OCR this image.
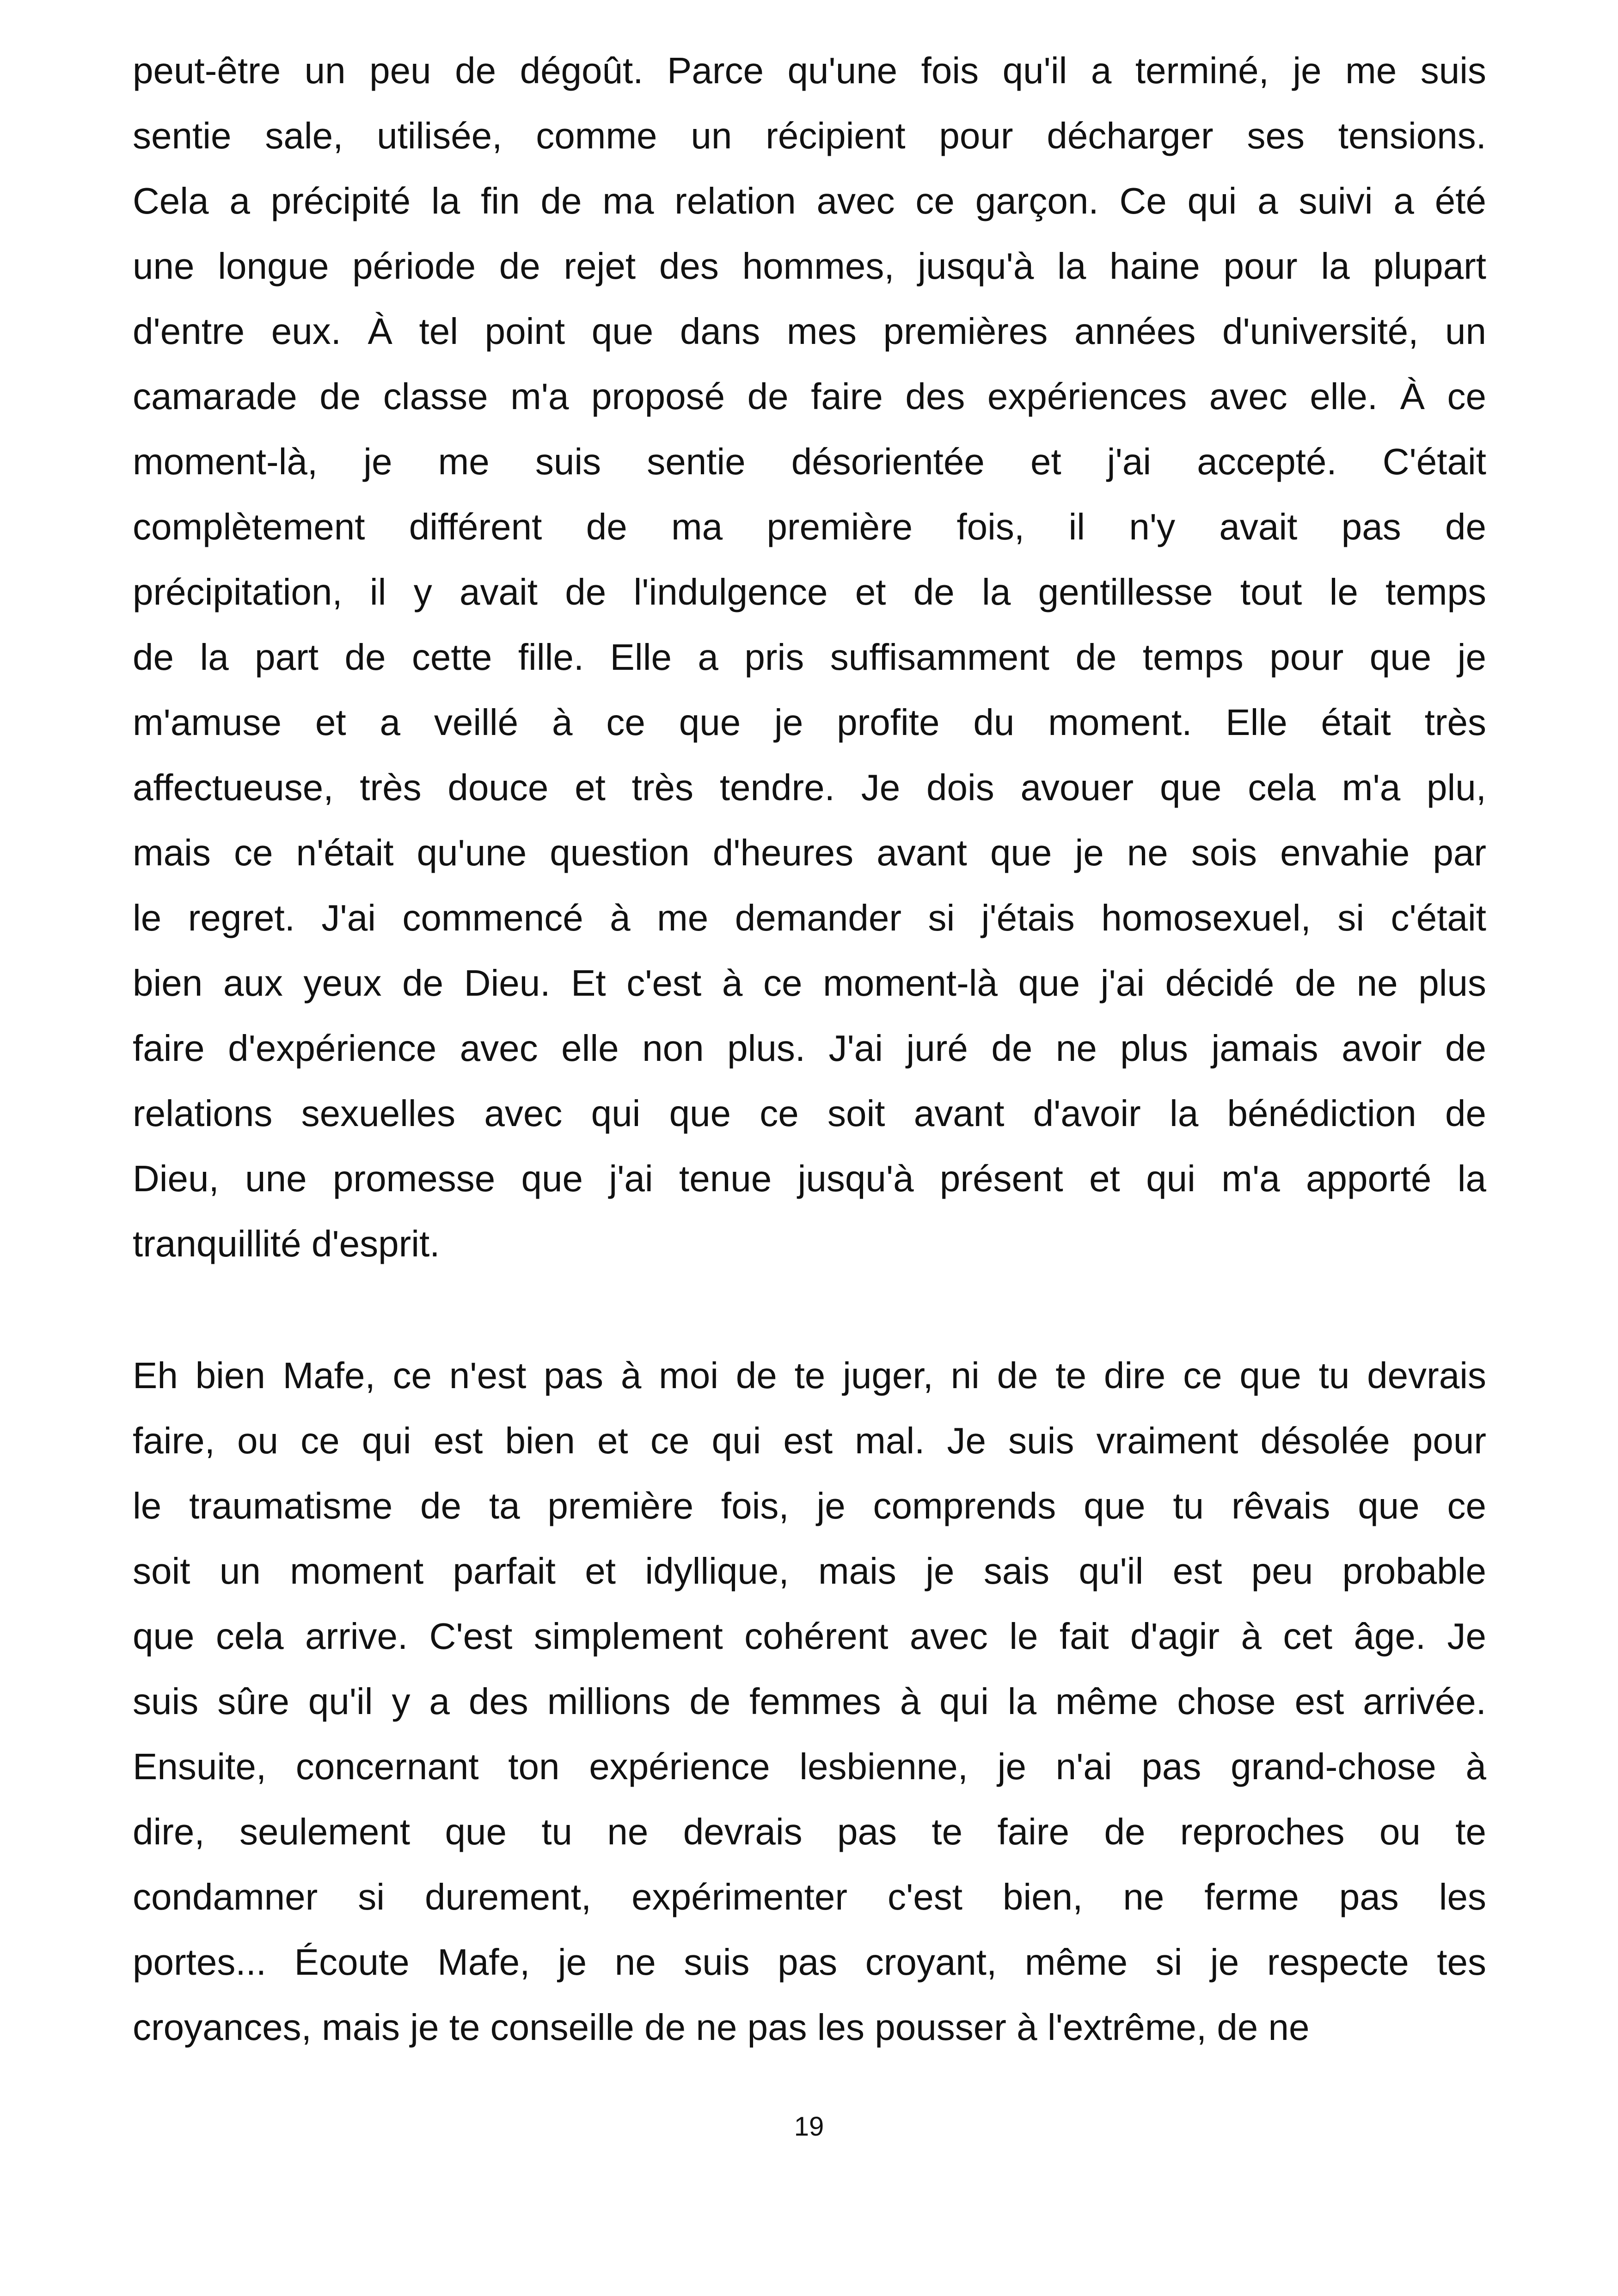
peut-être un peu de dégoût. Parce qu'une fois qu'il a terminé, je me suis
sentie sale, utilisée, comme un récipient pour décharger ses tensions.
Cela a précipité la fin de ma relation avec ce garçon. Ce qui a suivi a été
une longue période de rejet des hommes, jusqu'à la haine pour la plupart
d'entre eux. À tel point que dans mes premières années d'université, un
camarade de classe m'a proposé de faire des expériences avec elle. À ce
moment-là, je me suis sentie désorientée et j'ai accepté. C'était
complètement différent de ma première fois, il n'y avait pas de
précipitation, il y avait de l'indulgence et de la gentillesse tout le temps
de la part de cette fille. Elle a pris suffisamment de temps pour que je
m'amuse et a veillé à ce que je profite du moment. Elle était très
affectueuse, très douce et très tendre. Je dois avouer que cela m'a plu,
mais ce n'était qu'une question d'heures avant que je ne sois envahie par
le regret. J'ai commencé à me demander si j'étais homosexuel, si c'était
bien aux yeux de Dieu. Et c'est à ce moment-là que j'ai décidé de ne plus
faire d'expérience avec elle non plus. J'ai juré de ne plus jamais avoir de
relations sexuelles avec qui que ce soit avant d'avoir la bénédiction de
Dieu, une promesse que j'ai tenue jusqu'à présent et qui m'a apporté la
tranquillité d'esprit.
Eh bien Mafe, ce n'est pas à moi de te juger, ni de te dire ce que tu devrais
faire, ou ce qui est bien et ce qui est mal. Je suis vraiment désolée pour
le traumatisme de ta première fois, je comprends que tu rêvais que ce
soit un moment parfait et idyllique, mais je sais qu'il est peu probable
que cela arrive. C'est simplement cohérent avec le fait d'agir à cet âge. Je
suis sûre qu'il y a des millions de femmes à qui la même chose est arrivée.
Ensuite, concernant ton expérience lesbienne, je n'ai pas grand-chose à
dire, seulement que tu ne devrais pas te faire de reproches ou te
condamner si durement, expérimenter c'est bien, ne ferme pas les
portes... Écoute Mafe, je ne suis pas croyant, même si je respecte tes
croyances, mais je te conseille de ne pas les pousser à l'extrême, de ne
19
